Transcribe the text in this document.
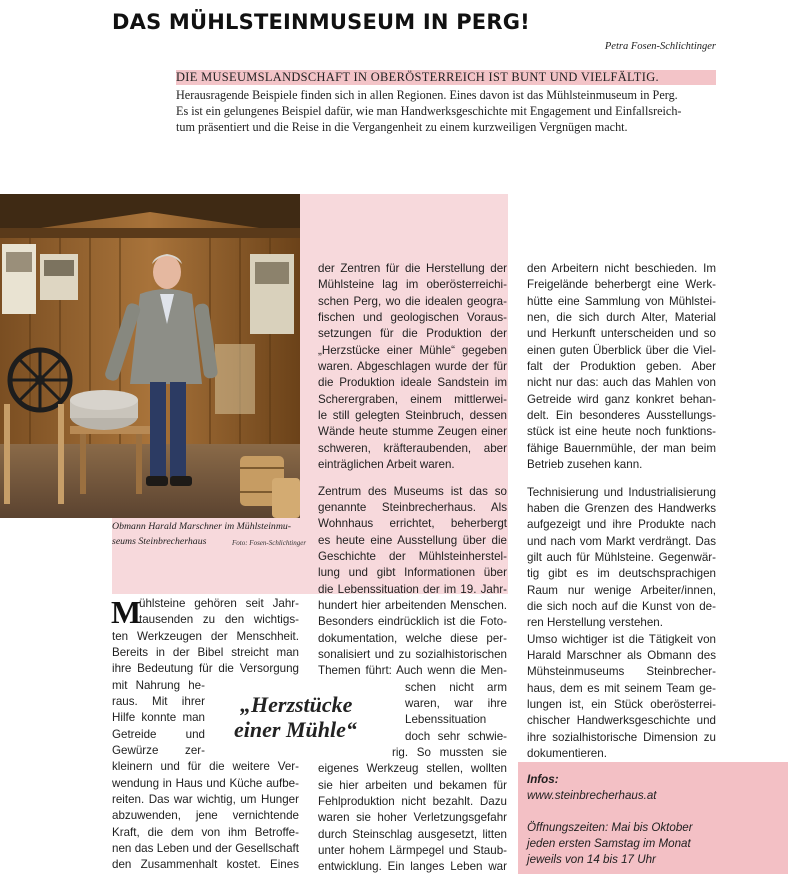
DAS MÜHLSTEINMUSEUM IN PERG!
Petra Fosen-Schlichtinger
DIE MUSEUMSLANDSCHAFT IN OBERÖSTERREICH IST BUNT UND VIELFÄLTIG.
Herausragende Beispiele finden sich in allen Regionen. Eines davon ist das Mühlsteinmuseum in Perg.
Es ist ein gelungenes Beispiel dafür, wie man Handwerksgeschichte mit Engagement und Einfallsreich-
tum präsentiert und die Reise in die Vergangenheit zu einem kurzweiligen Vergnügen macht.
Obmann Harald Marschner im Mühlsteinmu-
seums Steinbrecherhaus	Foto: Fosen-Schlichtinger
M
ühlsteine gehören seit Jahr-
tausenden zu den wichtigs-
ten Werkzeugen der Menschheit.
Bereits in der Bibel streicht man
ihre Bedeutung für die Versorgung
mit Nahrung he-
raus. Mit ihrer
Hilfe konnte man
Getreide und
Gewürze zer-
kleinern und für die weitere Ver-
wendung in Haus und Küche aufbe-
reiten. Das war wichtig, um Hunger
abzuwenden, jene vernichtende
Kraft, die dem von ihm Betroffe-
nen das Leben und der Gesellschaft
den Zusammenhalt kostet. Eines
„Herzstücke
einer Mühle“
der Zentren für die Herstellung der
Mühlsteine lag im oberösterreichi-
schen Perg, wo die idealen geogra-
fischen und geologischen Voraus-
setzungen für die Produktion der
„Herzstücke einer Mühle“ gegeben
waren. Abgeschlagen wurde der für
die Produktion ideale Sandstein im
Scherergraben, einem mittlerwei-
le still gelegten Steinbruch, dessen
Wände heute stumme Zeugen einer
schweren, kräfteraubenden, aber
einträglichen Arbeit waren.
Zentrum des Museums ist das so
genannte Steinbrecherhaus. Als
Wohnhaus errichtet, beherbergt
es heute eine Ausstellung über die
Geschichte der Mühlsteinherstel-
lung und gibt Informationen über
die Lebenssituation der im 19. Jahr-
hundert hier arbeitenden Menschen.
Besonders eindrücklich ist die Foto-
dokumentation, welche diese per-
sonalisiert und zu sozialhistorischen
Themen führt: Auch wenn die Men-
schen nicht arm
waren, war ihre
Lebenssituation
doch sehr schwie-
rig. So mussten sie
eigenes Werkzeug stellen, wollten
sie hier arbeiten und bekamen für
Fehlproduktion nicht bezahlt. Dazu
waren sie hoher Verletzungsgefahr
durch Steinschlag ausgesetzt, litten
unter hohem Lärmpegel und Staub-
entwicklung. Ein langes Leben war
den Arbeitern nicht beschieden. Im
Freigelände beherbergt eine Werk-
hütte eine Sammlung von Mühlstei-
nen, die sich durch Alter, Material
und Herkunft unterscheiden und so
einen guten Überblick über die Viel-
falt der Produktion geben. Aber
nicht nur das: auch das Mahlen von
Getreide wird ganz konkret behan-
delt. Ein besonderes Ausstellungs-
stück ist eine heute noch funktions-
fähige Bauernmühle, der man beim
Betrieb zusehen kann.
Technisierung und Industrialisierung
haben die Grenzen des Handwerks
aufgezeigt und ihre Produkte nach
und nach vom Markt verdrängt. Das
gilt auch für Mühlsteine. Gegenwär-
tig gibt es im deutschsprachigen
Raum nur wenige Arbeiter/innen,
die sich noch auf die Kunst von de-
ren Herstellung verstehen.
Umso wichtiger ist die Tätigkeit von
Harald Marschner als Obmann des
Mühsteinmuseums Steinbrecher-
haus, dem es mit seinem Team ge-
lungen ist, ein Stück oberösterrei-
chischer Handwerksgeschichte und
ihre sozialhistorische Dimension zu
dokumentieren.
Infos:
www.steinbrecherhaus.at
Öffnungszeiten: Mai bis Oktober
jeden ersten Samstag im Monat
jeweils von 14 bis 17 Uhr
